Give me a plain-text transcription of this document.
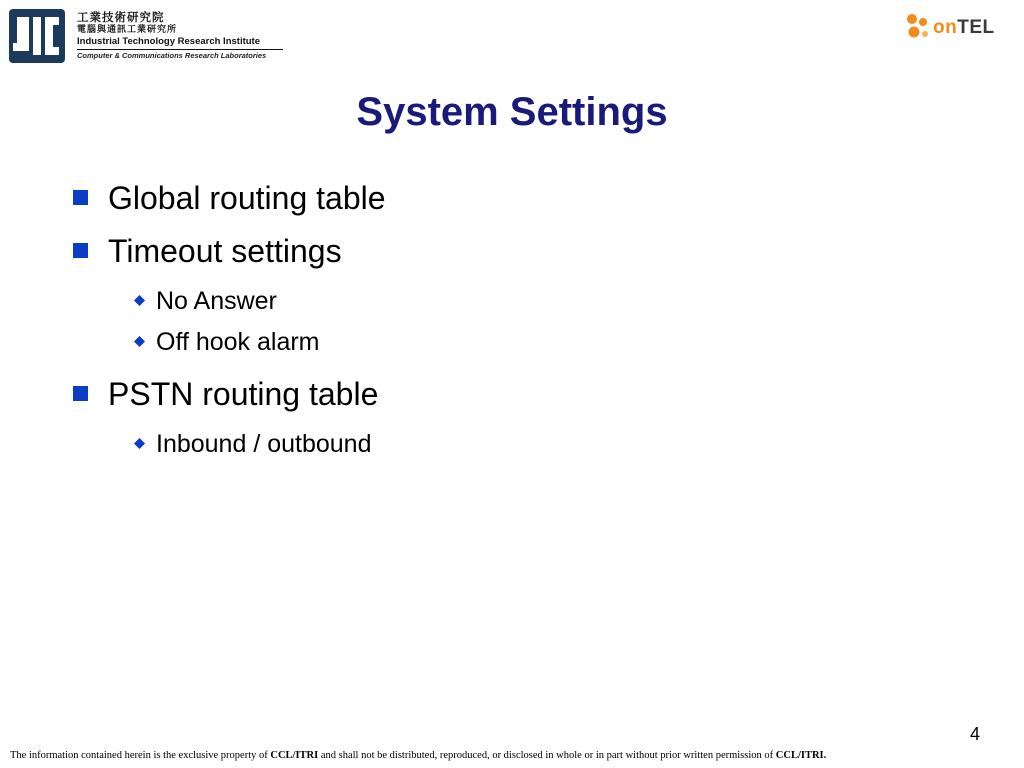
工業技術研究院
電腦與通訊工業研究所
Industrial Technology Research Institute
Computer & Communications Research Laboratories
onTEL
System Settings
Global routing table
Timeout settings
No Answer
Off hook alarm
PSTN routing table
Inbound / outbound
4
The information contained herein is the exclusive property of CCL/ITRI and shall not be distributed, reproduced, or disclosed in whole or in part without prior written permission of CCL/ITRI.
